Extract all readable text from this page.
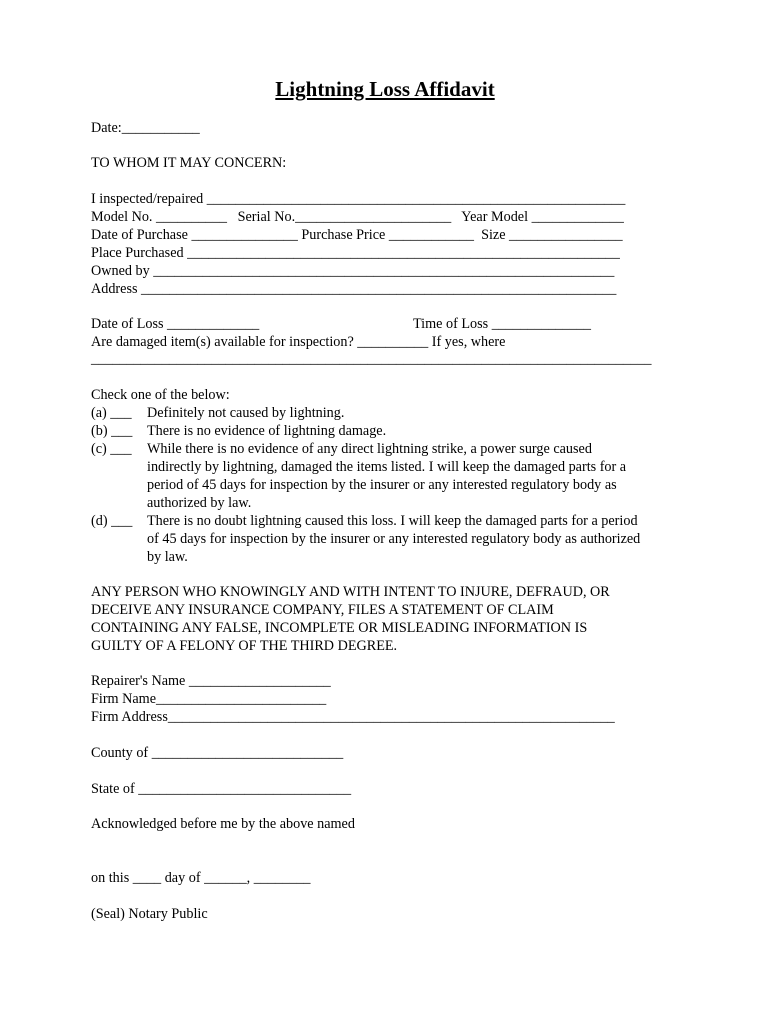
Lightning Loss Affidavit
Date:___________
TO WHOM IT MAY CONCERN:
I inspected/repaired ___________________________________________________________
Model No. __________   Serial No.______________________   Year Model _____________
Date of Purchase _______________ Purchase Price ____________  Size ________________
Place Purchased _____________________________________________________________
Owned by _________________________________________________________________
Address ___________________________________________________________________
Date of Loss _____________	Time of Loss ______________
Are damaged item(s) available for inspection? __________ If yes, where
_______________________________________________________________________________
Check one of the below:
(a) ___ Definitely not caused by lightning.
(b) ___ There is no evidence of lightning damage.
(c) ___ While there is no evidence of any direct lightning strike, a power surge caused
indirectly by lightning, damaged the items listed. I will keep the damaged parts for a
period of 45 days for inspection by the insurer or any interested regulatory body as
authorized by law.
(d) ___ There is no doubt lightning caused this loss. I will keep the damaged parts for a period
of 45 days for inspection by the insurer or any interested regulatory body as authorized
by law.
ANY PERSON WHO KNOWINGLY AND WITH INTENT TO INJURE, DEFRAUD, OR
DECEIVE ANY INSURANCE COMPANY, FILES A STATEMENT OF CLAIM
CONTAINING ANY FALSE, INCOMPLETE OR MISLEADING INFORMATION IS
GUILTY OF A FELONY OF THE THIRD DEGREE.
Repairer's Name ____________________
Firm Name________________________
Firm Address_______________________________________________________________
County of ___________________________
State of ______________________________
Acknowledged before me by the above named
on this ____ day of ______, ________
(Seal) Notary Public
